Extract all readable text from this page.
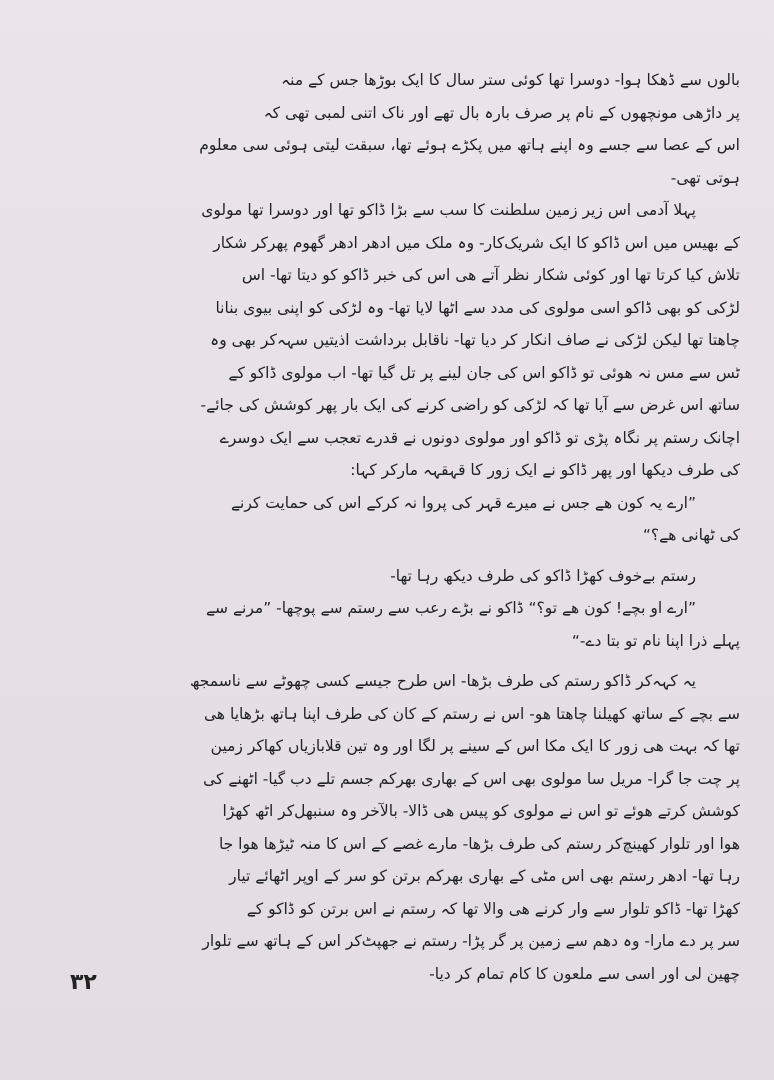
بالوں سے ڈھکا ہوا- دوسرا تھا کوئی ستر سال کا ایک بوڑھا جس کے منہ
پر داڑھی مونچھوں کے نام پر صرف بارہ بال تھے اور ناک اتنی لمبی تھی کہ
اس کے عصا سے جسے وہ اپنے ہاتھ میں پکڑے ہوئے تھا، سبقت لیتی ہوئی سی معلوم
ہوتی تھی-
پہلا آدمی اس زیر زمین سلطنت کا سب سے بڑا ڈاکو تھا اور دوسرا تھا مولوی
کے بھیس میں اس ڈاکو کا ایک شریک‌کار- وہ ملک میں ادھر ادھر گھوم پھرکر شکار
تلاش کیا کرتا تھا اور کوئی شکار نظر آتے ھی اس کی خبر ڈاکو کو دیتا تھا- اس
لڑکی کو بھی ڈاکو اسی مولوی کی مدد سے اٹھا لایا تھا- وہ لڑکی کو اپنی بیوی بنانا
چاھتا تھا لیکن لڑکی نے صاف انکار کر دیا تھا- ناقابل برداشت اذیتیں سہہ‌کر بھی وہ
ٹس سے مس نہ ھوئی تو ڈاکو اس کی جان لینے پر تل گیا تھا- اب مولوی ڈاکو کے
ساتھ اس غرض سے آیا تھا کہ لڑکی کو راضی کرنے کی ایک بار پھر کوشش کی جائے-
اچانک رستم پر نگاہ پڑی تو ڈاکو اور مولوی دونوں نے قدرے تعجب سے ایک دوسرے
کی طرف دیکھا اور پھر ڈاکو نے ایک زور کا قہقہہ مارکر کہا:
”ارے یہ کون ھے جس نے میرے قہر کی پروا نہ کرکے اس کی حمایت کرنے
کی ٹھانی ھے؟“
رستم بےخوف کھڑا ڈاکو کی طرف دیکھ رہا تھا-
”ارے او بچے! کون ھے تو؟“ ڈاکو نے بڑے رعب سے رستم سے پوچھا- ”مرنے سے
پہلے ذرا اپنا نام تو بتا دے-“
یہ کہہ‌کر ڈاکو رستم کی طرف بڑھا- اس طرح جیسے کسی چھوٹے سے ناسمجھ
سے بچے کے ساتھ کھیلنا چاھتا ھو- اس نے رستم کے کان کی طرف اپنا ہاتھ بڑھایا ھی
تھا کہ بہت ھی زور کا ایک مکا اس کے سینے پر لگا اور وہ تین قلابازیاں کھاکر زمین
پر چت جا گرا- مریل سا مولوی بھی اس کے بھاری بھرکم جسم تلے دب گیا- اٹھنے کی
کوشش کرتے ھوئے تو اس نے مولوی کو پیس ھی ڈالا- بالآخر وہ سنبھل‌کر اٹھ کھڑا
ھوا اور تلوار کھینچ‌کر رستم کی طرف بڑھا- مارے غصے کے اس کا منہ ٹیڑھا ھوا جا
رہا تھا- ادھر رستم بھی اس مٹی کے بھاری بھرکم برتن کو سر کے اوپر اٹھائے تیار
کھڑا تھا- ڈاکو تلوار سے وار کرنے ھی والا تھا کہ رستم نے اس برتن کو ڈاکو کے
سر پر دے مارا- وہ دھم سے زمین پر گر پڑا- رستم نے جھپٹ‌کر اس کے ہاتھ سے تلوار
چھین لی اور اسی سے ملعون کا کام تمام کر دیا-
۳۲
